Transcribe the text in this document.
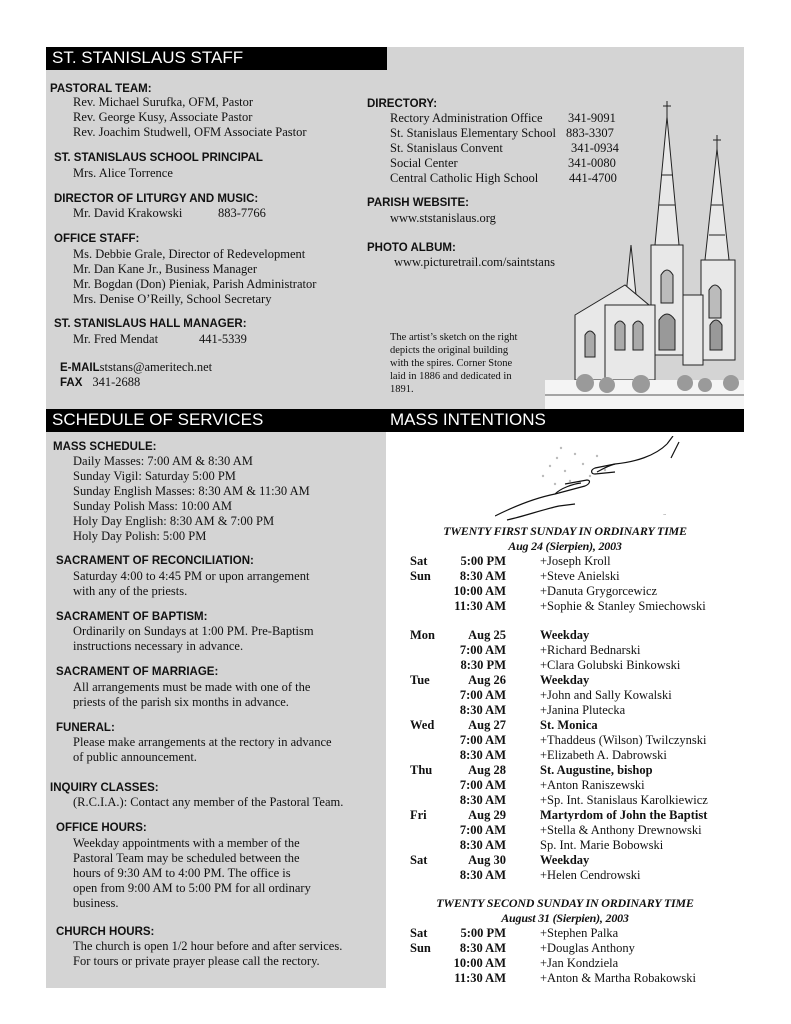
ST. STANISLAUS STAFF
PASTORAL TEAM:
Rev. Michael Surufka, OFM, Pastor
Rev. George Kusy, Associate Pastor
Rev. Joachim Studwell, OFM Associate Pastor
ST. STANISLAUS SCHOOL PRINCIPAL
Mrs. Alice Torrence
DIRECTOR OF LITURGY AND MUSIC:
Mr. David Krakowski	883-7766
OFFICE STAFF:
Ms. Debbie Grale, Director of Redevelopment
Mr. Dan Kane Jr., Business Manager
Mr. Bogdan (Don) Pieniak, Parish Administrator
Mrs. Denise O’Reilly, School Secretary
ST. STANISLAUS HALL MANAGER:
Mr. Fred Mendat	441-5339
E-MAILststans@ameritech.net
FAX 341-2688
DIRECTORY:
Rectory Administration Office 341-9091
St. Stanislaus Elementary School 883-3307
St. Stanislaus Convent	341-0934
Social Center	341-0080
Central Catholic High School 441-4700
PARISH WEBSITE:
www.ststanislaus.org
PHOTO ALBUM:
www.picturetrail.com/saintstans
The artist’s sketch on the right
depicts the original building
with the spires. Corner Stone
laid in 1886 and dedicated in
1891.
SCHEDULE OF SERVICES
MASS SCHEDULE:
Daily Masses: 7:00 AM & 8:30 AM
Sunday Vigil: Saturday 5:00 PM
Sunday English Masses: 8:30 AM & 11:30 AM
Sunday Polish Mass: 10:00 AM
Holy Day English: 8:30 AM & 7:00 PM
Holy Day Polish: 5:00 PM
SACRAMENT OF RECONCILIATION:
Saturday 4:00 to 4:45 PM or upon arrangement
with any of the priests.
SACRAMENT OF BAPTISM:
Ordinarily on Sundays at 1:00 PM. Pre-Baptism
instructions necessary in advance.
SACRAMENT OF MARRIAGE:
All arrangements must be made with one of the
priests of the parish six months in advance.
FUNERAL:
Please make arrangements at the rectory in advance
of public announcement.
INQUIRY CLASSES:
(R.C.I.A.): Contact any member of the Pastoral Team.
OFFICE HOURS:
Weekday appointments with a member of the
Pastoral Team may be scheduled between the
hours of 9:30 AM to 4:00 PM. The office is
open from 9:00 AM to 5:00 PM for all ordinary
business.
CHURCH HOURS:
The church is open 1/2 hour before and after services.
For tours or private prayer please call the rectory.
MASS INTENTIONS
~
TWENTY FIRST SUNDAY IN ORDINARY TIME
Aug 24 (Sierpien), 2003
Sat	5:00 PM	+Joseph Kroll
Sun 8:30 AM	+Steve Anielski
10:00 AM	+Danuta Grygorcewicz
11:30 AM	+Sophie & Stanley Smiechowski
Mon	Aug 25	Weekday
7:00 AM	+Richard Bednarski
8:30 PM	+Clara Golubski Binkowski
Tue	Aug 26	Weekday
7:00 AM	+John and Sally Kowalski
8:30 AM	+Janina Plutecka
Wed	Aug 27	St. Monica
7:00 AM	+Thaddeus (Wilson) Twilczynski
8:30 AM	+Elizabeth A. Dabrowski
Thu	Aug 28	St. Augustine, bishop
7:00 AM	+Anton Raniszewski
8:30 AM	+Sp. Int. Stanislaus Karolkiewicz
Fri	Aug 29	Martyrdom of John the Baptist
7:00 AM	+Stella & Anthony Drewnowski
8:30 AM	Sp. Int. Marie Bobowski
Sat	Aug 30	Weekday
8:30 AM	+Helen Cendrowski
TWENTY SECOND SUNDAY IN ORDINARY TIME
August 31 (Sierpien), 2003
Sat	5:00 PM	+Stephen Palka
Sun 8:30 AM	+Douglas Anthony
10:00 AM	+Jan Kondziela
11:30 AM	+Anton & Martha Robakowski
